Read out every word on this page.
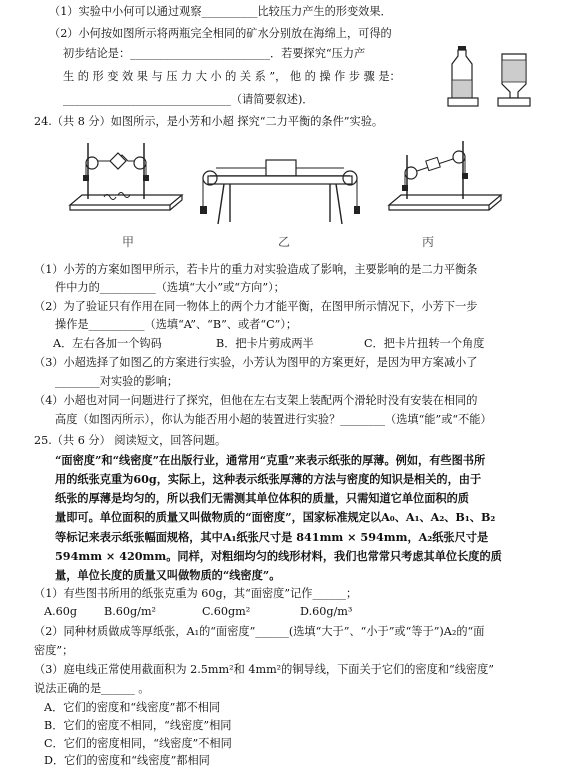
（1）实验中小何可以通过观察__________比较压力产生的形变效果．
（2）小何按如图所示将两瓶完全相同的矿水分别放在海绵上，可得的
初步结论是：_________________________．若要探究“压力产
生 的 形 变 效 果 与 压 力 大 小 的 关 系 ”， 他 的 操 作 步 骤 是：
______________________________（请简要叙述)．
24.（共 8 分）如图所示，是小芳和小超 探究“二力平衡的条件”实验。
甲	乙	丙
（1）小芳的方案如图甲所示，若卡片的重力对实验造成了影响，主要影响的是二力平衡条
件中力的__________（选填“大小”或“方向”）；
（2）为了验证只有作用在同一物体上的两个力才能平衡，在图甲所示情况下，小芳下一步
操作是__________（选填“A”、“B”、或者“C”）；
A．左右各加一个钩码	B．把卡片剪成两半	C．把卡片扭转一个角度
（3）小超选择了如图乙的方案进行实验，小芳认为图甲的方案更好，是因为甲方案减小了
________对实验的影响；
（4）小超也对同一问题进行了探究，但他在左右支架上装配两个滑轮时没有安装在相同的
高度（如图丙所示），你认为能否用小超的装置进行实验？________（选填“能”或“不能）
25.（共 6 分） 阅读短文，回答问题。
“面密度”和“线密度”在出版行业，通常用“克重”来表示纸张的厚薄。例如，有些图书所
用的纸张克重为60g，实际上，这种表示纸张厚薄的方法与密度的知识是相关的，由于
纸张的厚薄是均匀的，所以我们无需测其单位体积的质量，只需知道它单位面积的质
量即可。单位面积的质量又叫做物质的“面密度”，国家标准规定以A₀、A₁、A₂、B₁、B₂
等标记来表示纸张幅面规格，其中A₁纸张尺寸是 841mm × 594mm，A₂纸张尺寸是
594mm × 420mm。同样，对粗细均匀的线形材料，我们也常常只考虑其单位长度的质
量，单位长度的质量又叫做物质的“线密度”。
（1）有些图书所用的纸张克重为 60g，其“面密度”记作______；
A.60g B.60g/m²	C.60gm²	D.60g/m³
（2）同种材质做成等厚纸张，A₁的“面密度”______(选填“大于”、“小于”或“等于”)A₂的“面
密度”；
（3）庭电线正常使用截面积为 2.5mm²和 4mm²的铜导线，下面关于它们的密度和“线密度”
说法正确的是______ 。
A．它们的密度和“线密度”都不相同
B．它们的密度不相同，“线密度”相同
C．它们的密度相同，“线密度”不相同
D．它们的密度和“线密度”都相同
